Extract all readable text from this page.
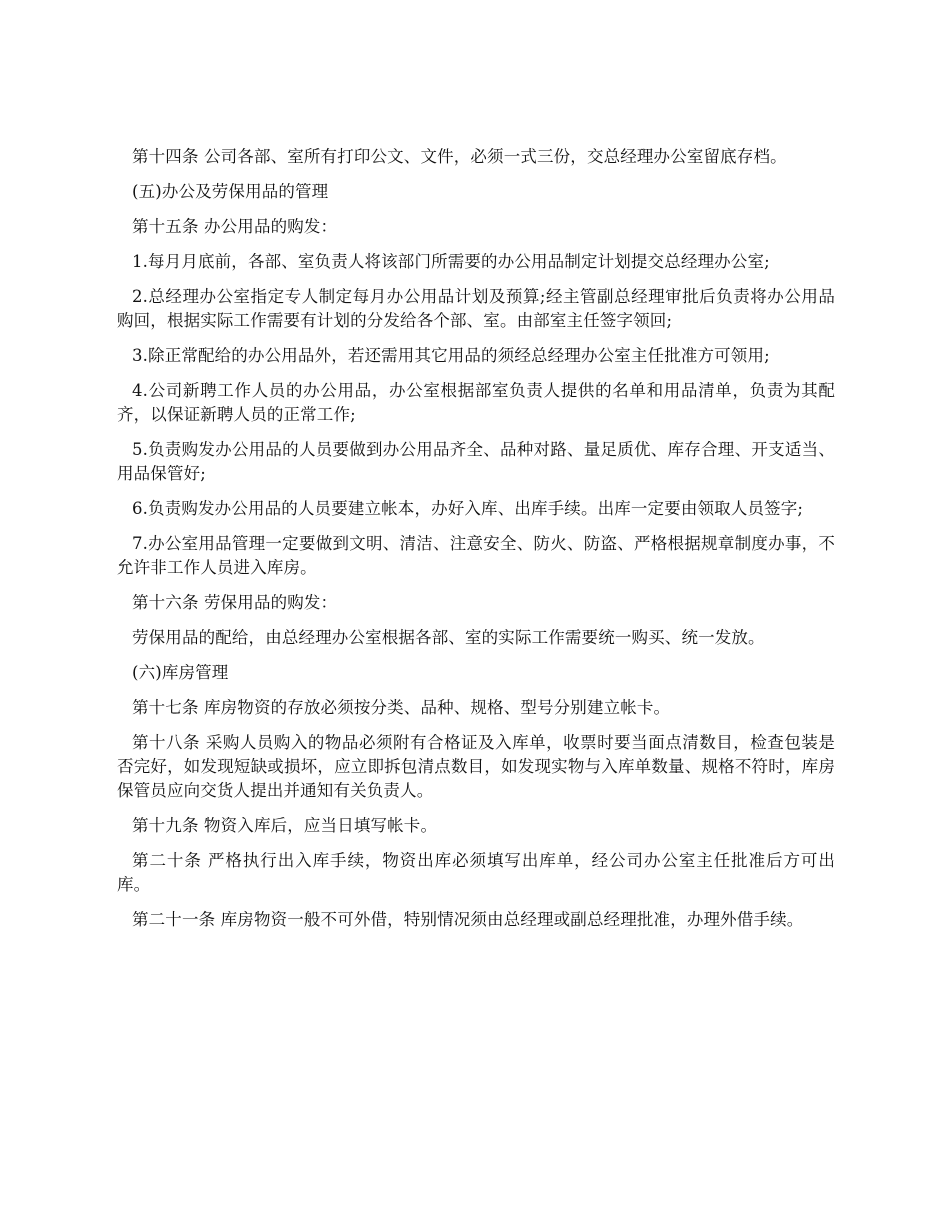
第十四条 公司各部、室所有打印公文、文件，必须一式三份，交总经理办公室留底存档。

(五)办公及劳保用品的管理

第十五条 办公用品的购发：

1.每月月底前，各部、室负责人将该部门所需要的办公用品制定计划提交总经理办公室;

2.总经理办公室指定专人制定每月办公用品计划及预算;经主管副总经理审批后负责将办公用品购回，根据实际工作需要有计划的分发给各个部、室。由部室主任签字领回;

3.除正常配给的办公用品外，若还需用其它用品的须经总经理办公室主任批准方可领用;

4.公司新聘工作人员的办公用品，办公室根据部室负责人提供的名单和用品清单，负责为其配齐，以保证新聘人员的正常工作;

5.负责购发办公用品的人员要做到办公用品齐全、品种对路、量足质优、库存合理、开支适当、用品保管好;

6.负责购发办公用品的人员要建立帐本，办好入库、出库手续。出库一定要由领取人员签字;

7.办公室用品管理一定要做到文明、清洁、注意安全、防火、防盗、严格根据规章制度办事，不允许非工作人员进入库房。

第十六条 劳保用品的购发：

劳保用品的配给，由总经理办公室根据各部、室的实际工作需要统一购买、统一发放。

(六)库房管理

第十七条 库房物资的存放必须按分类、品种、规格、型号分别建立帐卡。

第十八条 采购人员购入的物品必须附有合格证及入库单，收票时要当面点清数目，检查包装是否完好，如发现短缺或损坏，应立即拆包清点数目，如发现实物与入库单数量、规格不符时，库房保管员应向交货人提出并通知有关负责人。

第十九条 物资入库后，应当日填写帐卡。

第二十条 严格执行出入库手续，物资出库必须填写出库单，经公司办公室主任批准后方可出库。

第二十一条 库房物资一般不可外借，特别情况须由总经理或副总经理批准，办理外借手续。
